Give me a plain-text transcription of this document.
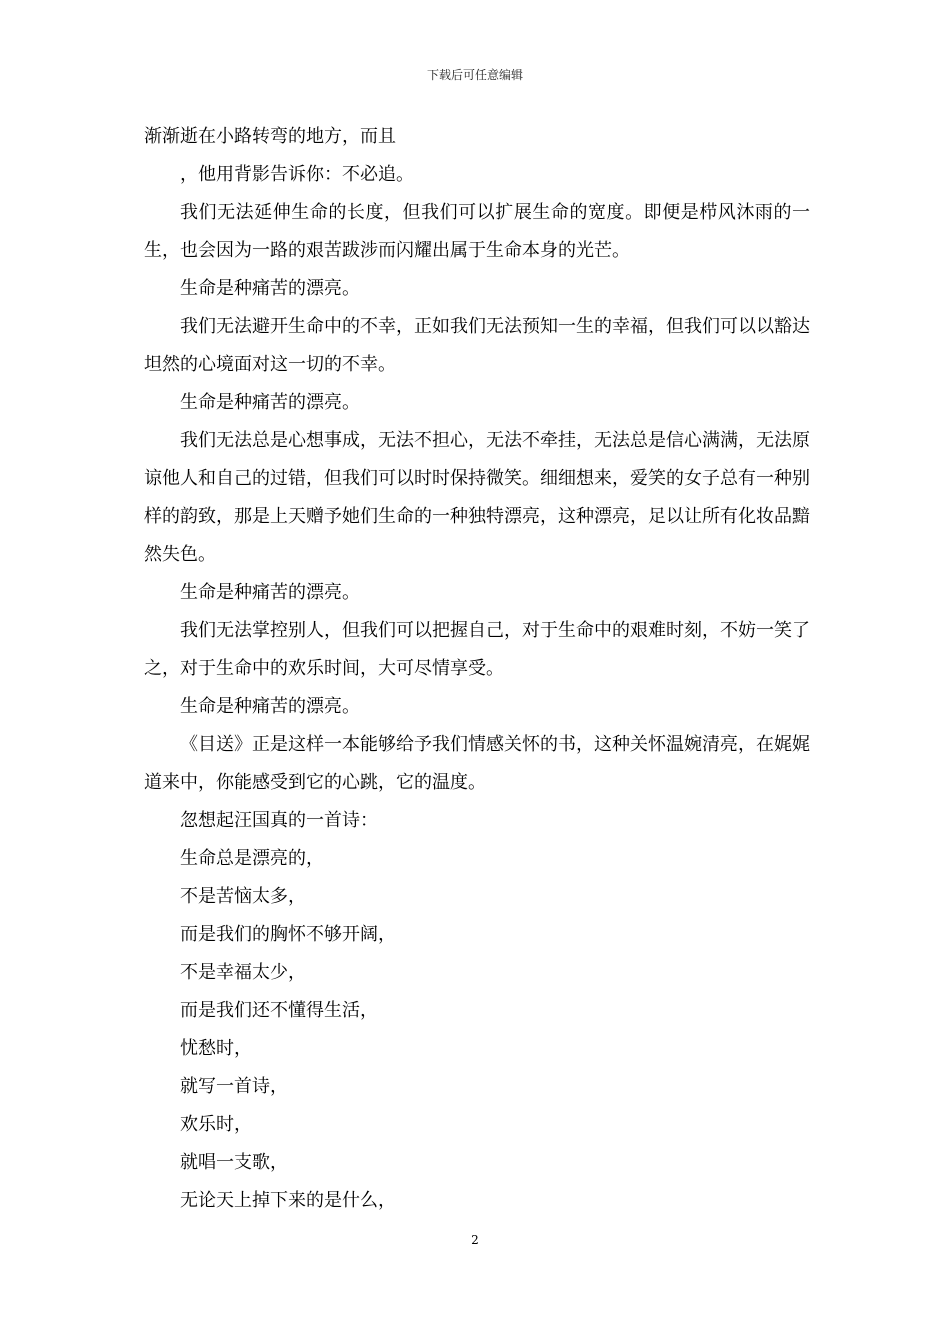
下载后可任意编辑

渐渐逝在小路转弯的地方，而且

，他用背影告诉你：不必追。

我们无法延伸生命的长度，但我们可以扩展生命的宽度。即便是栉风沐雨的一生，也会因为一路的艰苦跋涉而闪耀出属于生命本身的光芒。

生命是种痛苦的漂亮。

我们无法避开生命中的不幸，正如我们无法预知一生的幸福，但我们可以以豁达坦然的心境面对这一切的不幸。

生命是种痛苦的漂亮。

我们无法总是心想事成，无法不担心，无法不牵挂，无法总是信心满满，无法原谅他人和自己的过错，但我们可以时时保持微笑。细细想来，爱笑的女子总有一种别样的韵致，那是上天赠予她们生命的一种独特漂亮，这种漂亮，足以让所有化妆品黯然失色。

生命是种痛苦的漂亮。

我们无法掌控别人，但我们可以把握自己，对于生命中的艰难时刻，不妨一笑了之，对于生命中的欢乐时间，大可尽情享受。

生命是种痛苦的漂亮。

《目送》正是这样一本能够给予我们情感关怀的书，这种关怀温婉清亮，在娓娓道来中，你能感受到它的心跳，它的温度。

忽想起汪国真的一首诗：

生命总是漂亮的，

不是苦恼太多，

而是我们的胸怀不够开阔，

不是幸福太少，

而是我们还不懂得生活，

忧愁时，

就写一首诗，

欢乐时，

就唱一支歌，

无论天上掉下来的是什么，

2
